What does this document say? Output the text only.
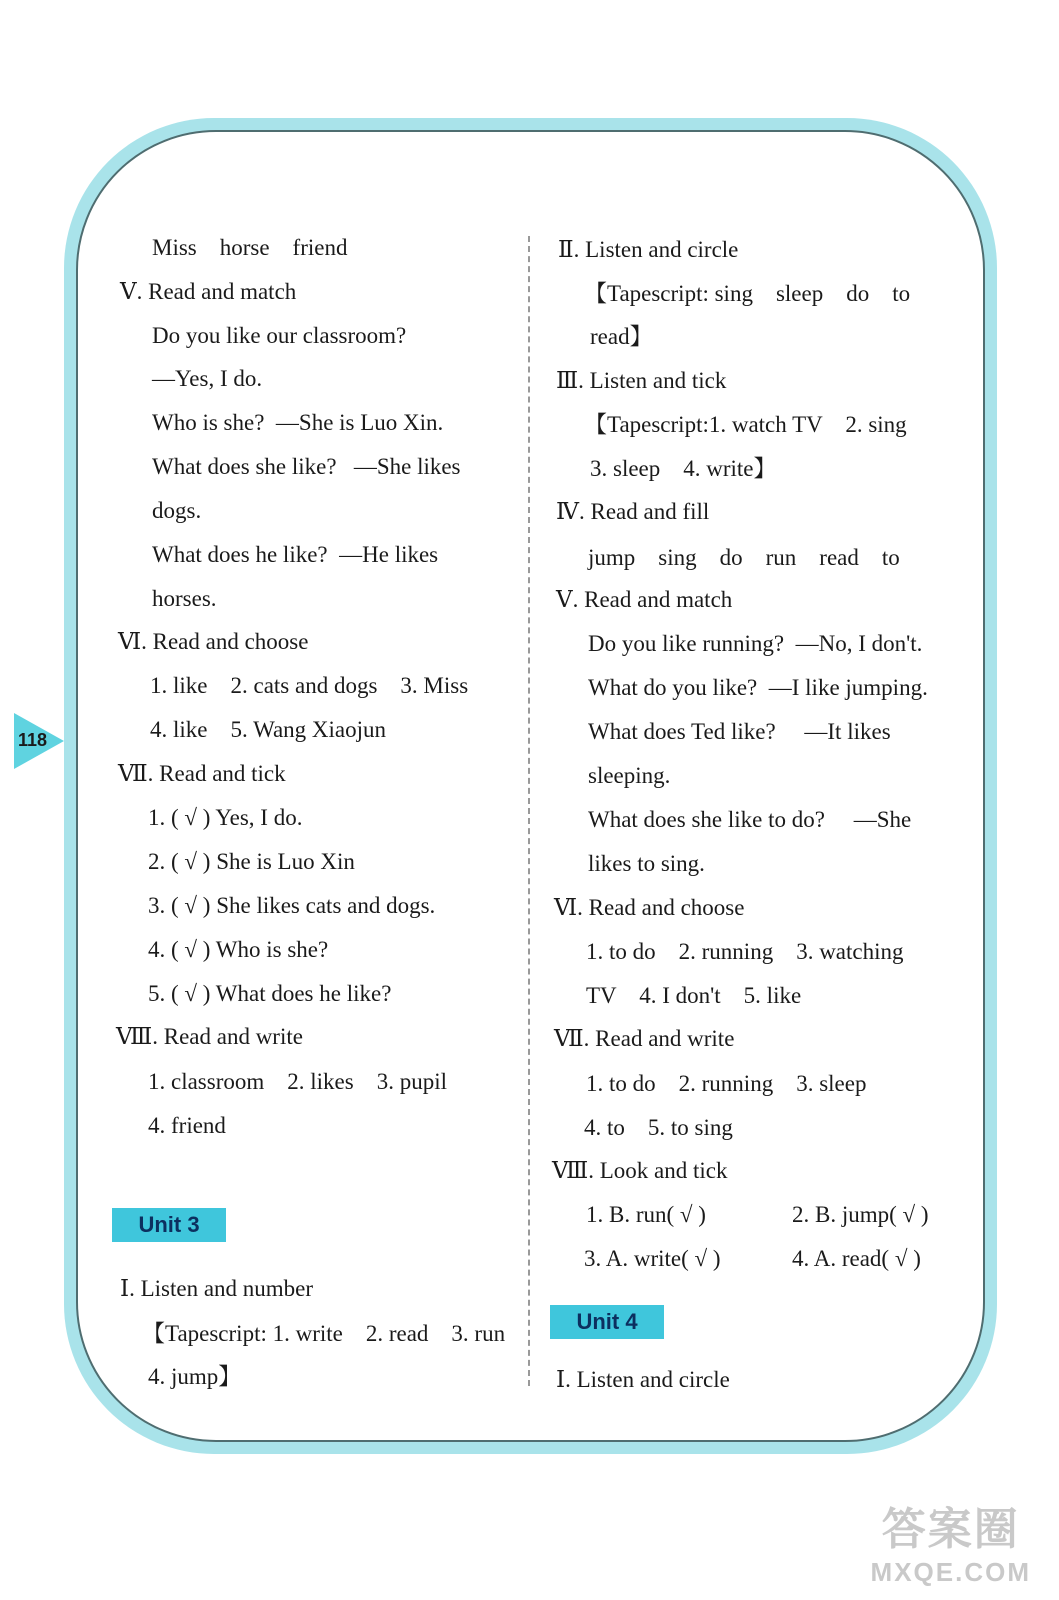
118
Miss    horse    friend
Ⅴ. Read and match
Do you like our classroom?
—Yes, I do.
Who is she?  —She is Luo Xin.
What does she like?   —She likes
dogs.
What does he like?  —He likes
horses.
Ⅵ. Read and choose
1. like    2. cats and dogs    3. Miss
4. like    5. Wang Xiaojun
Ⅶ. Read and tick
1. ( √ ) Yes, I do.
2. ( √ ) She is Luo Xin
3. ( √ ) She likes cats and dogs.
4. ( √ ) Who is she?
5. ( √ ) What does he like?
Ⅷ. Read and write
1. classroom    2. likes    3. pupil
4. friend
Unit 3
Ⅰ. Listen and number
【Tapescript: 1. write    2. read    3. run
4. jump】
Ⅱ. Listen and circle
【Tapescript: sing    sleep    do    to
read】
Ⅲ. Listen and tick
【Tapescript:1. watch TV    2. sing
3. sleep    4. write】
Ⅳ. Read and fill
jump    sing    do    run    read    to
Ⅴ. Read and match
Do you like running?  —No, I don't.
What do you like?  —I like jumping.
What does Ted like?     —It likes
sleeping.
What does she like to do?     —She
likes to sing.
Ⅵ. Read and choose
1. to do    2. running    3. watching
TV    4. I don't    5. like
Ⅶ. Read and write
1. to do    2. running    3. sleep
4. to    5. to sing
Ⅷ. Look and tick
1. B. run( √ )	2. B. jump( √ )
3. A. write( √ )	4. A. read( √ )
Unit 4
Ⅰ. Listen and circle
答案圈
MXQE.COM
